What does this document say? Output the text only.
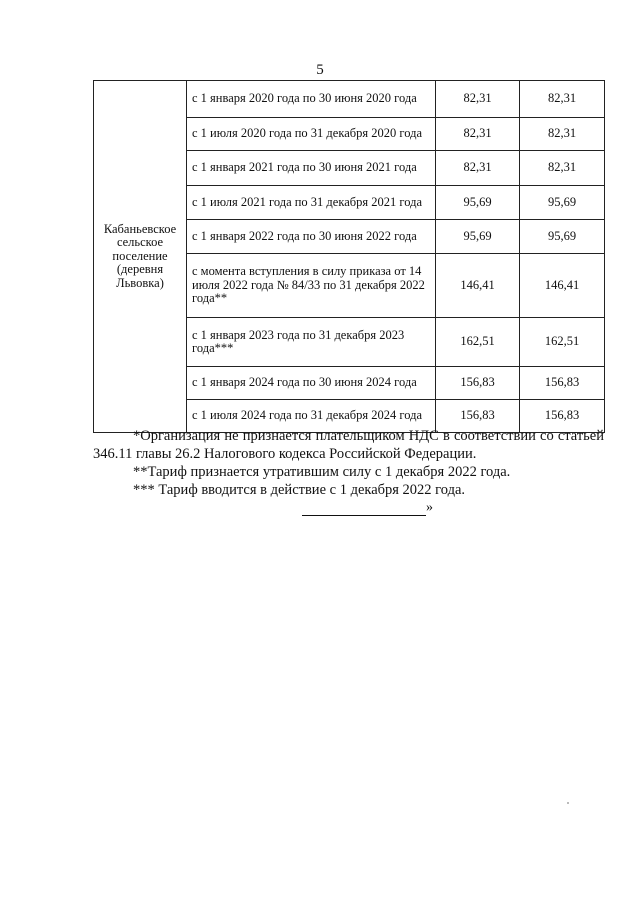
5
Кабаньевское сельское поселение (деревня Львовка)	с 1 января 2020 года по 30 июня 2020 года	82,31	82,31
	с 1 июля 2020 года по 31 декабря 2020 года	82,31	82,31
	с 1 января 2021 года по 30 июня 2021 года	82,31	82,31
	с 1 июля 2021 года по 31 декабря 2021 года	95,69	95,69
	с 1 января 2022 года по 30 июня 2022 года	95,69	95,69
	с момента вступления в силу приказа от 14 июля 2022 года № 84/33 по 31 декабря 2022 года**	146,41	146,41
	с 1 января 2023 года по 31 декабря 2023 года***	162,51	162,51
	с 1 января 2024 года по 30 июня 2024 года	156,83	156,83
	с 1 июля 2024 года по 31 декабря 2024 года	156,83	156,83

*Организация не признается плательщиком НДС в соответствии со статьей 346.11 главы 26.2 Налогового кодекса Российской Федерации.

**Тариф признается утратившим силу с 1 декабря 2022 года.

*** Тариф вводится в действие с 1 декабря 2022 года.

»
